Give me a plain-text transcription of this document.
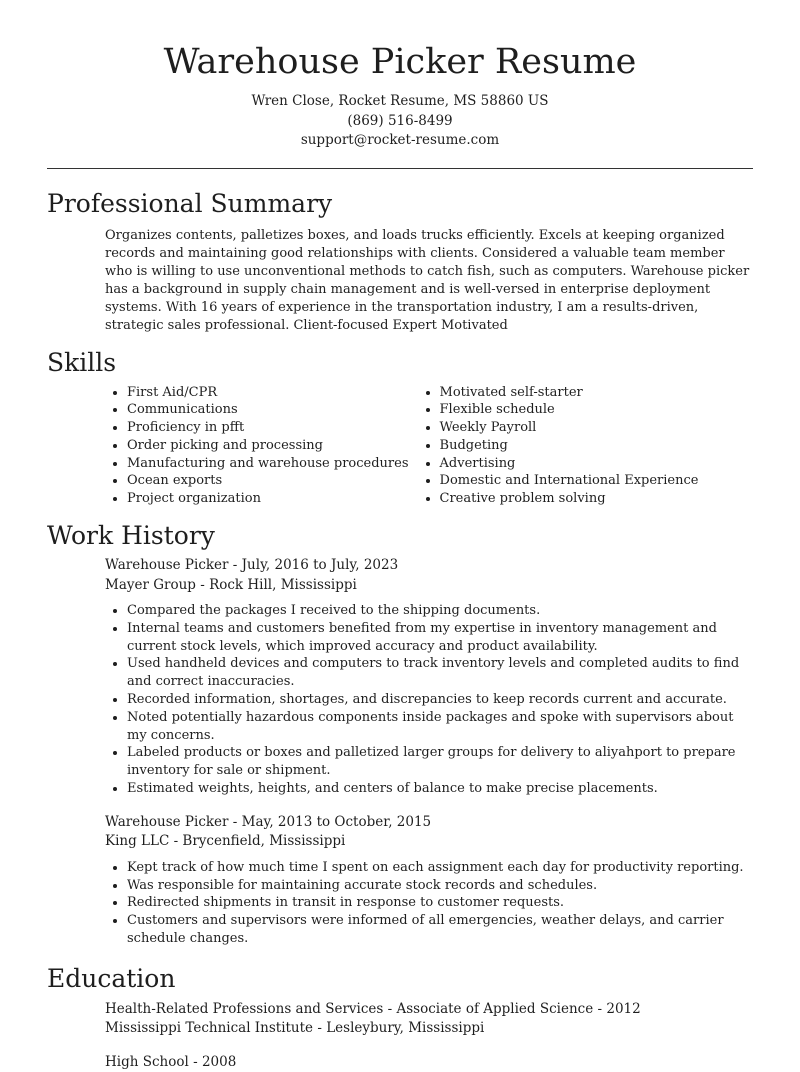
Warehouse Picker Resume
Wren Close, Rocket Resume, MS 58860 US
(869) 516-8499
support@rocket-resume.com
Professional Summary
Organizes contents, palletizes boxes, and loads trucks efficiently. Excels at keeping organized records and maintaining good relationships with clients. Considered a valuable team member who is willing to use unconventional methods to catch fish, such as computers. Warehouse picker has a background in supply chain management and is well-versed in enterprise deployment systems. With 16 years of experience in the transportation industry, I am a results-driven, strategic sales professional. Client-focused Expert Motivated
Skills
• First Aid/CPR
• Communications
• Proficiency in pfft
• Order picking and processing
• Manufacturing and warehouse procedures
• Ocean exports
• Project organization
• Motivated self-starter
• Flexible schedule
• Weekly Payroll
• Budgeting
• Advertising
• Domestic and International Experience
• Creative problem solving
Work History
Warehouse Picker - July, 2016 to July, 2023
Mayer Group - Rock Hill, Mississippi
• Compared the packages I received to the shipping documents.
• Internal teams and customers benefited from my expertise in inventory management and current stock levels, which improved accuracy and product availability.
• Used handheld devices and computers to track inventory levels and completed audits to find and correct inaccuracies.
• Recorded information, shortages, and discrepancies to keep records current and accurate.
• Noted potentially hazardous components inside packages and spoke with supervisors about my concerns.
• Labeled products or boxes and palletized larger groups for delivery to aliyahport to prepare inventory for sale or shipment.
• Estimated weights, heights, and centers of balance to make precise placements.
Warehouse Picker - May, 2013 to October, 2015
King LLC - Brycenfield, Mississippi
• Kept track of how much time I spent on each assignment each day for productivity reporting.
• Was responsible for maintaining accurate stock records and schedules.
• Redirected shipments in transit in response to customer requests.
• Customers and supervisors were informed of all emergencies, weather delays, and carrier schedule changes.
Education
Health-Related Professions and Services - Associate of Applied Science - 2012
Mississippi Technical Institute - Lesleybury, Mississippi
High School - 2008
